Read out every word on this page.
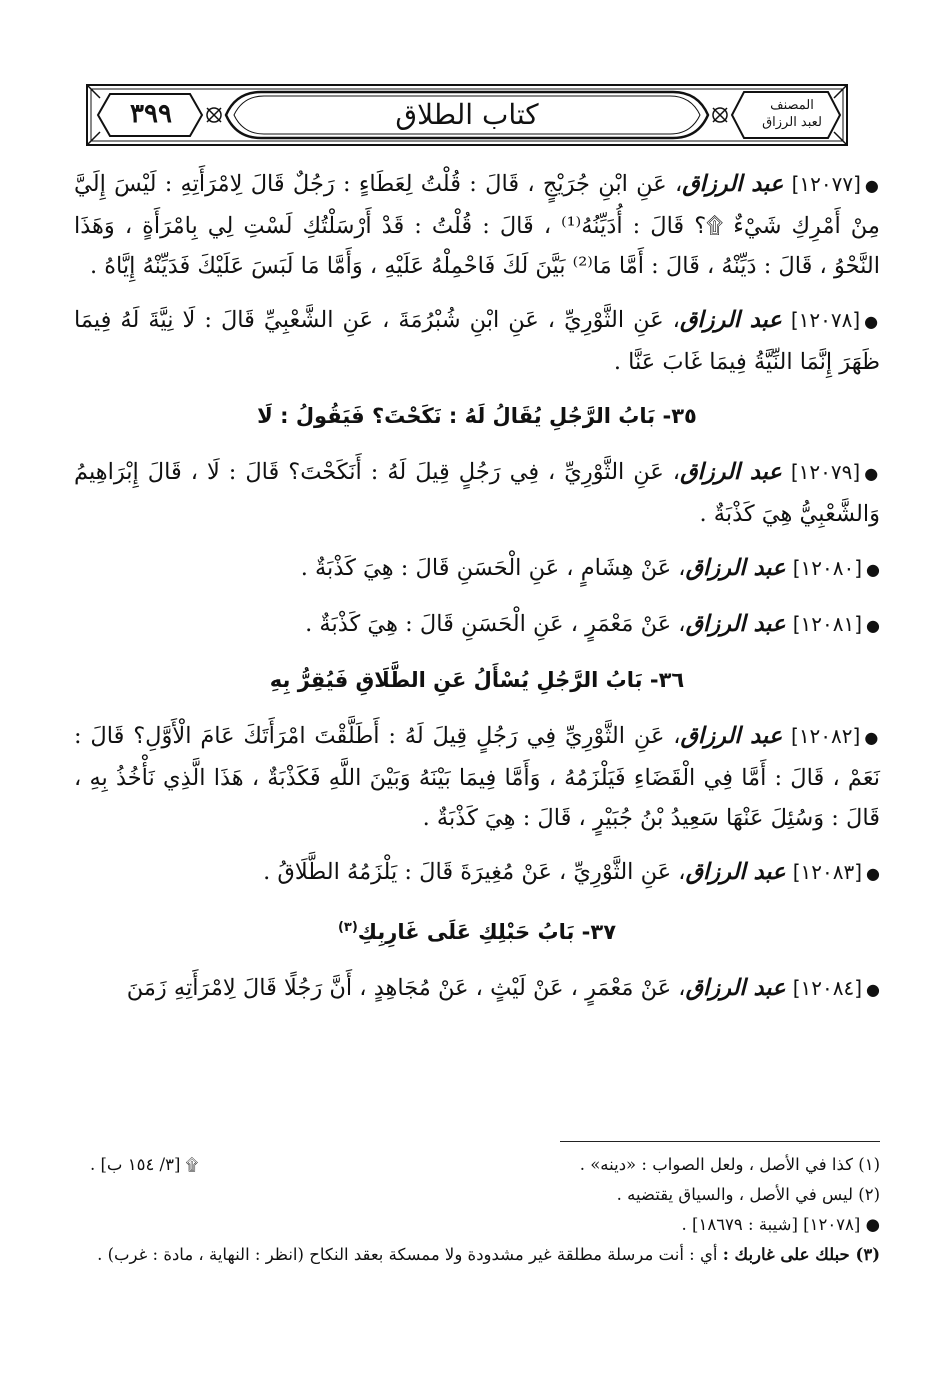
٣٩٩	كتاب الطلاق	المصنف
لعبد الرزاق

●[١٢٠٧٧] عبد الرزاق، عَنِ ابْنِ جُرَيْجٍ ، قَالَ : قُلْتُ لِعَطَاءٍ : رَجُلٌ قَالَ لِامْرَأَتِهِ : لَيْسَ إِلَيَّ مِنْ أَمْرِكِ شَيْءٌ ۩؟ قَالَ : أُدَيِّنُهُ⁽¹⁾ ، قَالَ : قُلْتُ : قَدْ أَرْسَلْتُكِ لَسْتِ لِي بِامْرَأَةٍ ، وَهَذَا النَّحْوُ ، قَالَ : دَيِّنْهُ ، قَالَ : أَمَّا مَا⁽²⁾ بَيَّنَ لَكَ فَاحْمِلْهُ عَلَيْهِ ، وَأَمَّا مَا لَبَسَ عَلَيْكَ فَدَيِّنْهُ إِيَّاهُ .

●[١٢٠٧٨] عبد الرزاق، عَنِ الثَّوْرِيِّ ، عَنِ ابْنِ شُبْرُمَةَ ، عَنِ الشَّعْبِيِّ قَالَ : لَا نِيَّةَ لَهُ فِيمَا ظَهَرَ إِنَّمَا النِّيَّةُ فِيمَا غَابَ عَنَّا .

٣٥- بَابُ الرَّجُلِ يُقَالُ لَهُ : نَكَحْتَ؟ فَيَقُولُ : لَا

●[١٢٠٧٩] عبد الرزاق، عَنِ الثَّوْرِيِّ ، فِي رَجُلٍ قِيلَ لَهُ : أَنَكَحْتَ؟ قَالَ : لَا ، قَالَ إِبْرَاهِيمُ وَالشَّعْبِيُّ هِيَ كَذْبَةٌ .

●[١٢٠٨٠] عبد الرزاق، عَنْ هِشَامٍ ، عَنِ الْحَسَنِ قَالَ : هِيَ كَذْبَةٌ .

●[١٢٠٨١] عبد الرزاق، عَنْ مَعْمَرٍ ، عَنِ الْحَسَنِ قَالَ : هِيَ كَذْبَةٌ .

٣٦- بَابُ الرَّجُلِ يُسْأَلُ عَنِ الطَّلَاقِ فَيُقِرُّ بِهِ

●[١٢٠٨٢] عبد الرزاق، عَنِ الثَّوْرِيِّ فِي رَجُلٍ قِيلَ لَهُ : أَطَلَّقْتَ امْرَأَتَكَ عَامَ الْأَوَّلِ؟ قَالَ : نَعَمْ ، قَالَ : أَمَّا فِي الْقَضَاءِ فَيَلْزَمُهُ ، وَأَمَّا فِيمَا بَيْنَهُ وَبَيْنَ اللَّهِ فَكَذْبَةٌ ، هَذَا الَّذِي نَأْخُذُ بِهِ ، قَالَ : وَسُئِلَ عَنْهَا سَعِيدُ بْنُ جُبَيْرٍ ، قَالَ : هِيَ كَذْبَةٌ .

●[١٢٠٨٣] عبد الرزاق، عَنِ الثَّوْرِيِّ ، عَنْ مُغِيرَةَ قَالَ : يَلْزَمُهُ الطَّلَاقُ .

٣٧- بَابُ حَبْلِكِ عَلَى غَارِبِكِ$^{(٣)}$

●[١٢٠٨٤] عبد الرزاق، عَنْ مَعْمَرٍ ، عَنْ لَيْثٍ ، عَنْ مُجَاهِدٍ ، أَنَّ رَجُلًا قَالَ لِامْرَأَتِهِ زَمَنَ

(١) كذا في الأصل ، ولعل الصواب : «دينه» .

۩ [٣/ ١٥٤ ب] .

(٢) ليس في الأصل ، والسياق يقتضيه .

● [١٢٠٧٨] [شيبة : ١٨٦٧٩] .

(٣) حبلك على غاربك : أي : أنت مرسلة مطلقة غير مشدودة ولا ممسكة بعقد النكاح (انظر : النهاية ، مادة : غرب) .
